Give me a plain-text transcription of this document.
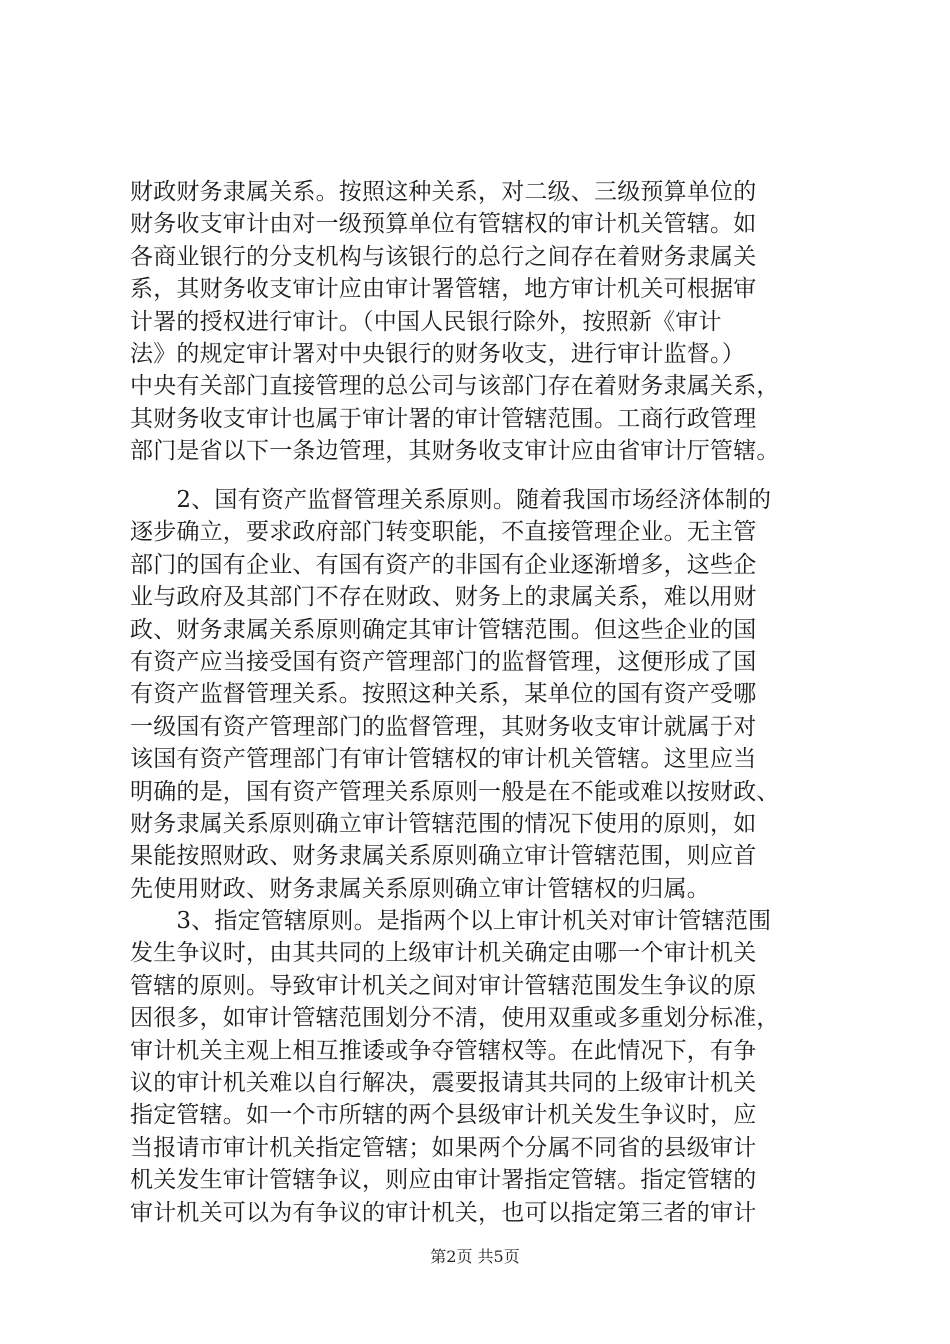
财政财务隶属关系。按照这种关系，对二级、三级预算单位的
财务收支审计由对一级预算单位有管辖权的审计机关管辖。如
各商业银行的分支机构与该银行的总行之间存在着财务隶属关
系，其财务收支审计应由审计署管辖，地方审计机关可根据审
计署的授权进行审计。（中国人民银行除外，按照新《审计
法》的规定审计署对中央银行的财务收支，进行审计监督。）
中央有关部门直接管理的总公司与该部门存在着财务隶属关系，
其财务收支审计也属于审计署的审计管辖范围。工商行政管理
部门是省以下一条边管理，其财务收支审计应由省审计厅管辖。
　　2、国有资产监督管理关系原则。随着我国市场经济体制的
逐步确立，要求政府部门转变职能，不直接管理企业。无主管
部门的国有企业、有国有资产的非国有企业逐渐增多，这些企
业与政府及其部门不存在财政、财务上的隶属关系，难以用财
政、财务隶属关系原则确定其审计管辖范围。但这些企业的国
有资产应当接受国有资产管理部门的监督管理，这便形成了国
有资产监督管理关系。按照这种关系，某单位的国有资产受哪
一级国有资产管理部门的监督管理，其财务收支审计就属于对
该国有资产管理部门有审计管辖权的审计机关管辖。这里应当
明确的是，国有资产管理关系原则一般是在不能或难以按财政、
财务隶属关系原则确立审计管辖范围的情况下使用的原则，如
果能按照财政、财务隶属关系原则确立审计管辖范围，则应首
先使用财政、财务隶属关系原则确立审计管辖权的归属。
　　3、指定管辖原则。是指两个以上审计机关对审计管辖范围
发生争议时，由其共同的上级审计机关确定由哪一个审计机关
管辖的原则。导致审计机关之间对审计管辖范围发生争议的原
因很多，如审计管辖范围划分不清，使用双重或多重划分标准，
审计机关主观上相互推诿或争夺管辖权等。在此情况下，有争
议的审计机关难以自行解决，震要报请其共同的上级审计机关
指定管辖。如一个市所辖的两个县级审计机关发生争议时，应
当报请市审计机关指定管辖；如果两个分属不同省的县级审计
机关发生审计管辖争议，则应由审计署指定管辖。指定管辖的
审计机关可以为有争议的审计机关，也可以指定第三者的审计
第2页 共5页
